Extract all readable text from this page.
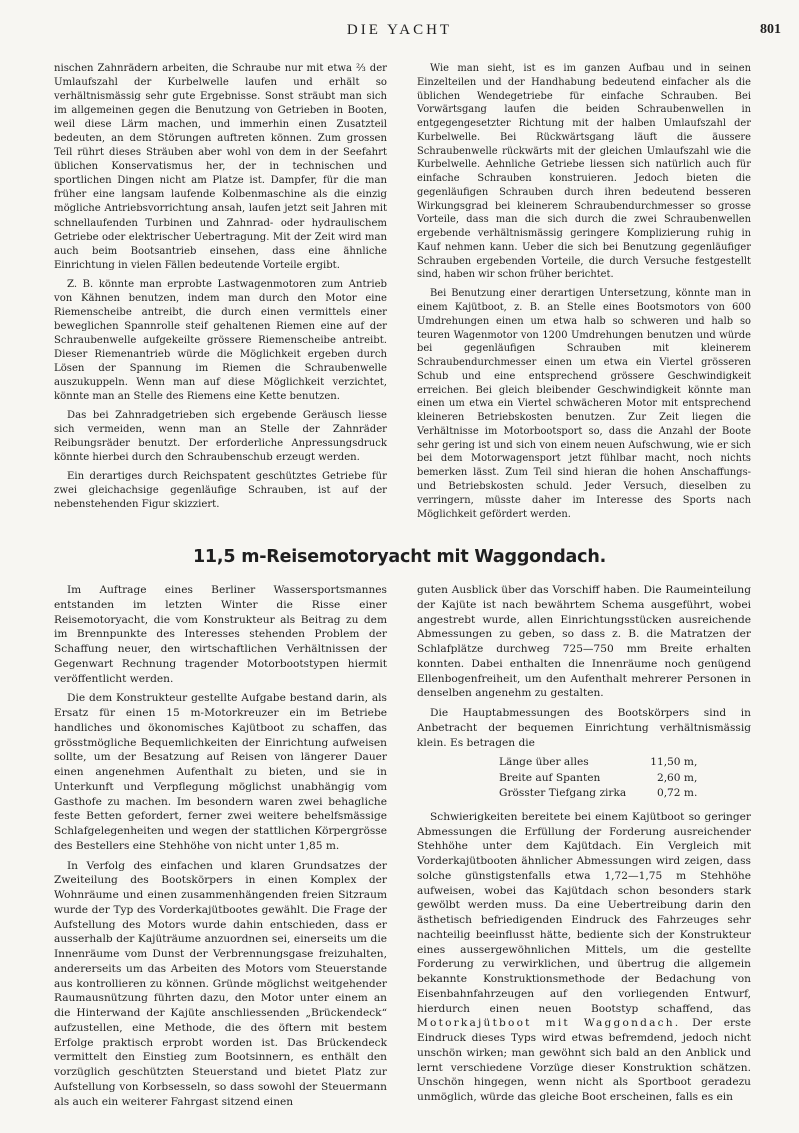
DIE YACHT	801

nischen Zahnrädern arbeiten, die Schraube nur mit etwa ⅔ der Umlaufszahl der Kurbelwelle laufen und erhält so verhältnismässig sehr gute Ergebnisse. Sonst sträubt man sich im allgemeinen gegen die Benutzung von Getrieben in Booten, weil diese Lärm machen, und immerhin einen Zusatzteil bedeuten, an dem Störungen auftreten können. Zum grossen Teil rührt dieses Sträuben aber wohl von dem in der Seefahrt üblichen Konservatismus her, der in technischen und sportlichen Dingen nicht am Platze ist. Dampfer, für die man früher eine langsam laufende Kolbenmaschine als die einzig mögliche Antriebsvorrichtung ansah, laufen jetzt seit Jahren mit schnellaufenden Turbinen und Zahnrad- oder hydraulischem Getriebe oder elektrischer Uebertragung. Mit der Zeit wird man auch beim Bootsantrieb einsehen, dass eine ähnliche Einrichtung in vielen Fällen bedeutende Vorteile ergibt.

Z. B. könnte man erprobte Lastwagenmotoren zum Antrieb von Kähnen benutzen, indem man durch den Motor eine Riemenscheibe antreibt, die durch einen vermittels einer beweglichen Spannrolle steif gehaltenen Riemen eine auf der Schraubenwelle aufgekeilte grössere Riemenscheibe antreibt. Dieser Riemenantrieb würde die Möglichkeit ergeben durch Lösen der Spannung im Riemen die Schraubenwelle auszukuppeln. Wenn man auf diese Möglichkeit verzichtet, könnte man an Stelle des Riemens eine Kette benutzen.

Das bei Zahnradgetrieben sich ergebende Geräusch liesse sich vermeiden, wenn man an Stelle der Zahnräder Reibungsräder benutzt. Der erforderliche Anpressungsdruck könnte hierbei durch den Schraubenschub erzeugt werden.

Ein derartiges durch Reichspatent geschütztes Getriebe für zwei gleichachsige gegenläufige Schrauben, ist auf der nebenstehenden Figur skizziert.

Wie man sieht, ist es im ganzen Aufbau und in seinen Einzelteilen und der Handhabung bedeutend einfacher als die üblichen Wendegetriebe für einfache Schrauben. Bei Vorwärtsgang laufen die beiden Schraubenwellen in entgegengesetzter Richtung mit der halben Umlaufszahl der Kurbelwelle. Bei Rückwärtsgang läuft die äussere Schraubenwelle rückwärts mit der gleichen Umlaufszahl wie die Kurbelwelle. Aehnliche Getriebe liessen sich natürlich auch für einfache Schrauben konstruieren. Jedoch bieten die gegenläufigen Schrauben durch ihren bedeutend besseren Wirkungsgrad bei kleinerem Schraubendurchmesser so grosse Vorteile, dass man die sich durch die zwei Schraubenwellen ergebende verhältnismässig geringere Komplizierung ruhig in Kauf nehmen kann. Ueber die sich bei Benutzung gegenläufiger Schrauben ergebenden Vorteile, die durch Versuche festgestellt sind, haben wir schon früher berichtet.

Bei Benutzung einer derartigen Untersetzung, könnte man in einem Kajütboot, z. B. an Stelle eines Bootsmotors von 600 Umdrehungen einen um etwa halb so schweren und halb so teuren Wagenmotor von 1200 Umdrehungen benutzen und würde bei gegenläufigen Schrauben mit kleinerem Schraubendurchmesser einen um etwa ein Viertel grösseren Schub und eine entsprechend grössere Geschwindigkeit erreichen. Bei gleich bleibender Geschwindigkeit könnte man einen um etwa ein Viertel schwächeren Motor mit entsprechend kleineren Betriebskosten benutzen. Zur Zeit liegen die Verhältnisse im Motorbootsport so, dass die Anzahl der Boote sehr gering ist und sich von einem neuen Aufschwung, wie er sich bei dem Motorwagensport jetzt fühlbar macht, noch nichts bemerken lässt. Zum Teil sind hieran die hohen Anschaffungs- und Betriebskosten schuld. Jeder Versuch, dieselben zu verringern, müsste daher im Interesse des Sports nach Möglichkeit gefördert werden.

11,5 m-Reisemotoryacht mit Waggondach.

Im Auftrage eines Berliner Wassersportsmannes entstanden im letzten Winter die Risse einer Reisemotoryacht, die vom Konstrukteur als Beitrag zu dem im Brennpunkte des Interesses stehenden Problem der Schaffung neuer, den wirtschaftlichen Verhältnissen der Gegenwart Rechnung tragender Motorbootstypen hiermit veröffentlicht werden.

Die dem Konstrukteur gestellte Aufgabe bestand darin, als Ersatz für einen 15 m-Motorkreuzer ein im Betriebe handliches und ökonomisches Kajütboot zu schaffen, das grösstmögliche Bequemlichkeiten der Einrichtung aufweisen sollte, um der Besatzung auf Reisen von längerer Dauer einen angenehmen Aufenthalt zu bieten, und sie in Unterkunft und Verpflegung möglichst unabhängig vom Gasthofe zu machen. Im besondern waren zwei behagliche feste Betten gefordert, ferner zwei weitere behelfsmässige Schlafgelegenheiten und wegen der stattlichen Körpergrösse des Bestellers eine Stehhöhe von nicht unter 1,85 m.

In Verfolg des einfachen und klaren Grundsatzes der Zweiteilung des Bootskörpers in einen Komplex der Wohnräume und einen zusammenhängenden freien Sitzraum wurde der Typ des Vorderkajütbootes gewählt. Die Frage der Aufstellung des Motors wurde dahin entschieden, dass er ausserhalb der Kajüträume anzuordnen sei, einerseits um die Innenräume vom Dunst der Verbrennungsgase freizuhalten, andererseits um das Arbeiten des Motors vom Steuerstande aus kontrollieren zu können. Gründe möglichst weitgehender Raumausnützung führten dazu, den Motor unter einem an die Hinterwand der Kajüte anschliessenden „Brückendeck“ aufzustellen, eine Methode, die des öftern mit bestem Erfolge praktisch erprobt worden ist. Das Brückendeck vermittelt den Einstieg zum Bootsinnern, es enthält den vorzüglich geschützten Steuerstand und bietet Platz zur Aufstellung von Korbsesseln, so dass sowohl der Steuermann als auch ein weiterer Fahrgast sitzend einen

guten Ausblick über das Vorschiff haben. Die Raumeinteilung der Kajüte ist nach bewährtem Schema ausgeführt, wobei angestrebt wurde, allen Einrichtungsstücken ausreichende Abmessungen zu geben, so dass z. B. die Matratzen der Schlafplätze durchweg 725—750 mm Breite erhalten konnten. Dabei enthalten die Innenräume noch genügend Ellenbogenfreiheit, um den Aufenthalt mehrerer Personen in denselben angenehm zu gestalten.

Die Hauptabmessungen des Bootskörpers sind in Anbetracht der bequemen Einrichtung verhältnismässig klein. Es betragen die

Länge über alles	11,50 m,
Breite auf Spanten	2,60 m,
Grösster Tiefgang zirka	0,72 m.

Schwierigkeiten bereitete bei einem Kajütboot so geringer Abmessungen die Erfüllung der Forderung ausreichender Stehhöhe unter dem Kajütdach. Ein Vergleich mit Vorderkajütbooten ähnlicher Abmessungen wird zeigen, dass solche günstigstenfalls etwa 1,72—1,75 m Stehhöhe aufweisen, wobei das Kajütdach schon besonders stark gewölbt werden muss. Da eine Uebertreibung darin den ästhetisch befriedigenden Eindruck des Fahrzeuges sehr nachteilig beeinflusst hätte, bediente sich der Konstrukteur eines aussergewöhnlichen Mittels, um die gestellte Forderung zu verwirklichen, und übertrug die allgemein bekannte Konstruktionsmethode der Bedachung von Eisenbahnfahrzeugen auf den vorliegenden Entwurf, hierdurch einen neuen Bootstyp schaffend, das Motorkajütboot mit Waggondach. Der erste Eindruck dieses Typs wird etwas befremdend, jedoch nicht unschön wirken; man gewöhnt sich bald an den Anblick und lernt verschiedene Vorzüge dieser Konstruktion schätzen. Unschön hingegen, wenn nicht als Sportboot geradezu unmöglich, würde das gleiche Boot erscheinen, falls es ein
